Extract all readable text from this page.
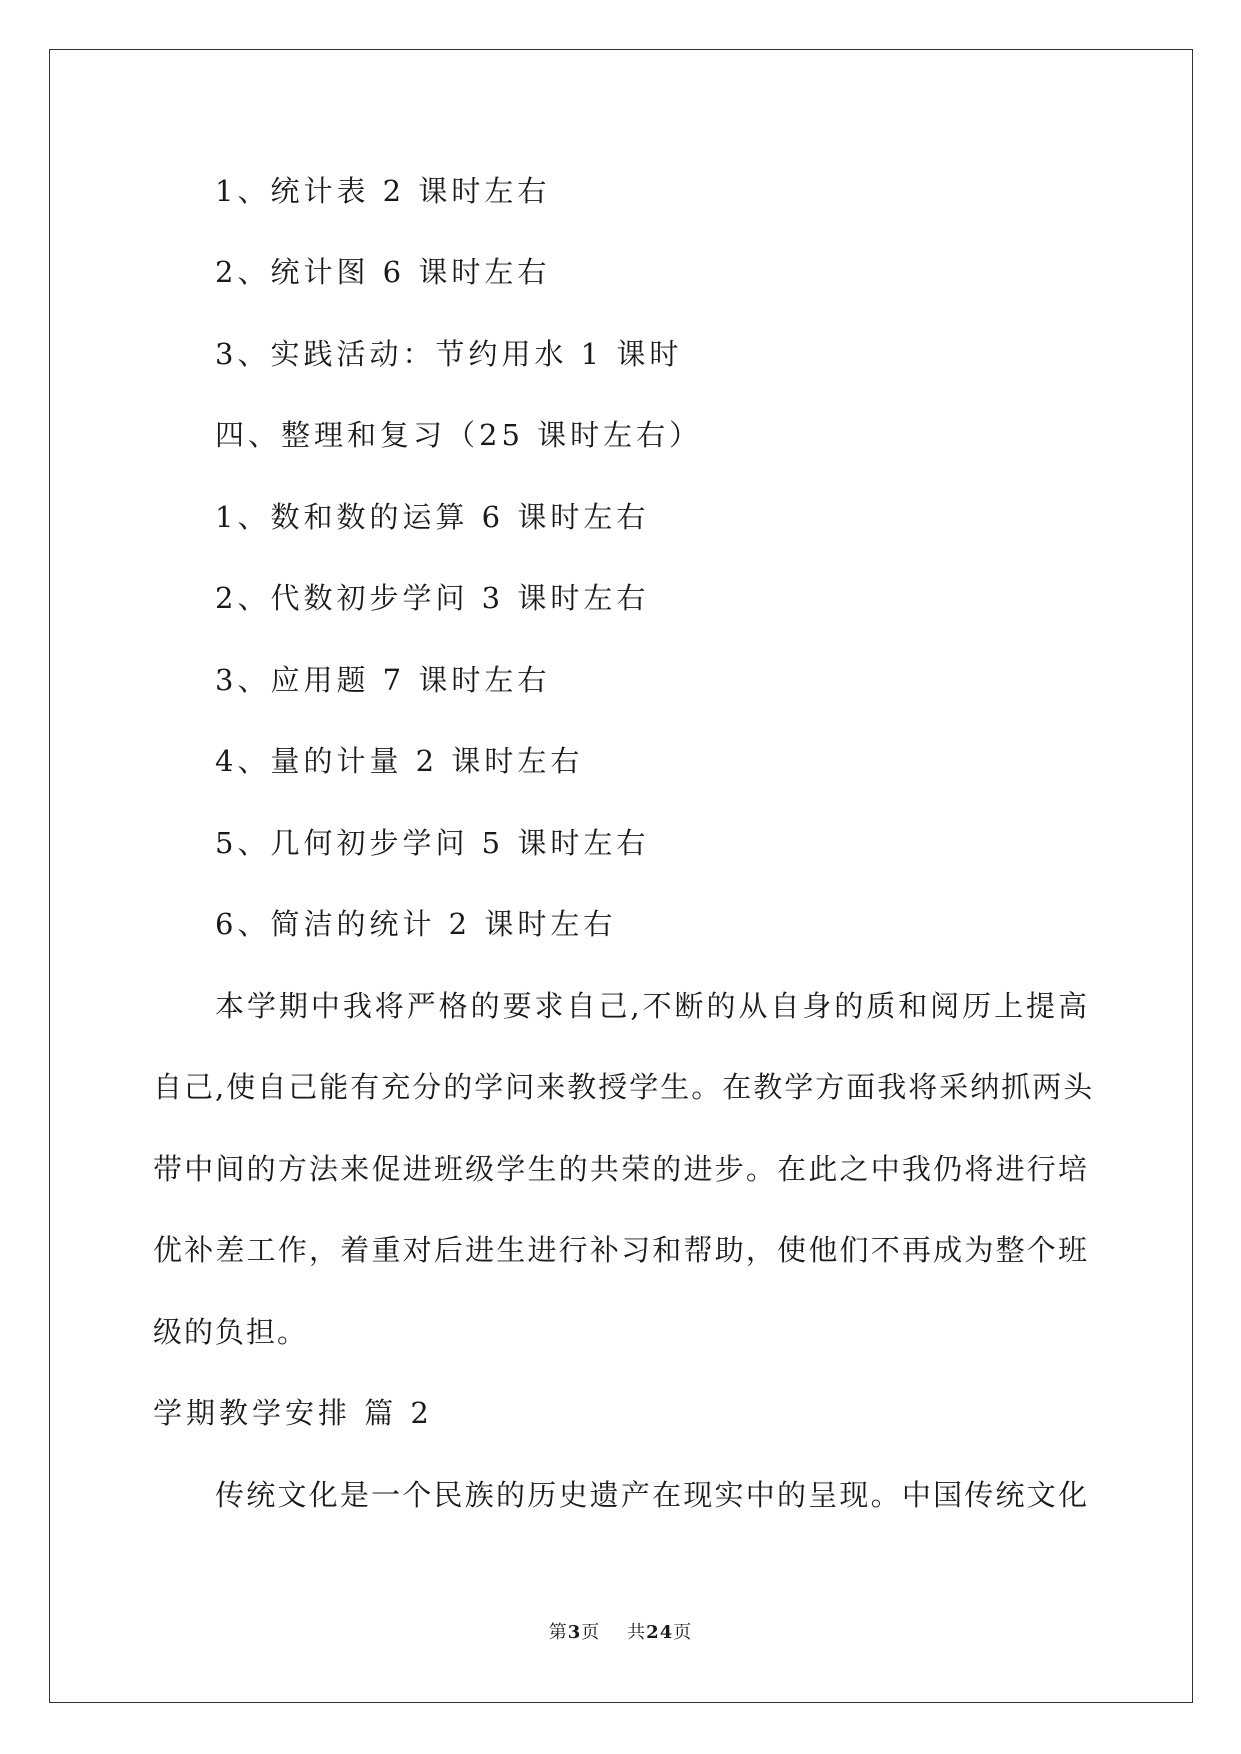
1、统计表 2 课时左右
2、统计图 6 课时左右
3、实践活动：节约用水 1 课时
四、整理和复习（25 课时左右）
1、数和数的运算 6 课时左右
2、代数初步学问 3 课时左右
3、应用题 7 课时左右
4、量的计量 2 课时左右
5、几何初步学问 5 课时左右
6、简洁的统计 2 课时左右
本学期中我将严格的要求自己,不断的从自身的质和阅历上提高
自己,使自己能有充分的学问来教授学生。在教学方面我将采纳抓两头
带中间的方法来促进班级学生的共荣的进步。在此之中我仍将进行培
优补差工作，着重对后进生进行补习和帮助，使他们不再成为整个班
级的负担。
学期教学安排 篇 2
传统文化是一个民族的历史遗产在现实中的呈现。中国传统文化
第3页 共24页
